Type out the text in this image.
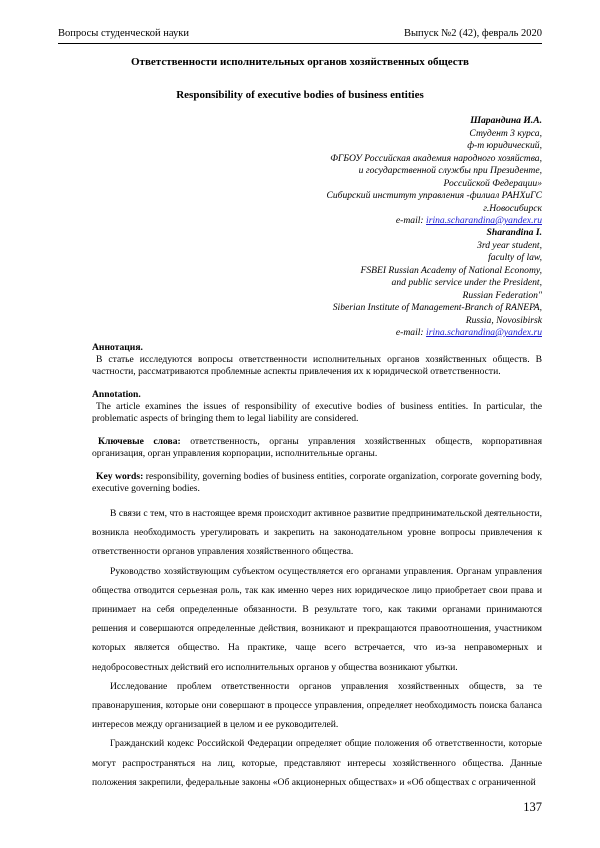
Вопросы студенческой науки	Выпуск №2 (42), февраль 2020
Ответственности исполнительных органов хозяйственных обществ
Responsibility of executive bodies of business entities
Шарандина И.А.
Студент 3 курса,
ф-т юридический,
ФГБОУ Российская академия народного хозяйства,
и государственной службы при Президенте,
Российской Федерации»
Сибирский институт управления -филиал РАНХиГС
г.Новосибирск
e-mail: irina.scharandina@yandex.ru
Sharandina I.
3rd year student,
faculty of law,
FSBEI Russian Academy of National Economy,
and public service under the President,
Russian Federation"
Siberian Institute of Management-Branch of RANEPA,
Russia, Novosibirsk
e-mail: irina.scharandina@yandex.ru
Аннотация.
В статье исследуются вопросы ответственности исполнительных органов хозяйственных обществ. В частности, рассматриваются проблемные аспекты привлечения их к юридической ответственности.
Annotation.
The article examines the issues of responsibility of executive bodies of business entities. In particular, the problematic aspects of bringing them to legal liability are considered.
Ключевые слова: ответственность, органы управления хозяйственных обществ, корпоративная организация, орган управления корпорации, исполнительные органы.
Key words: responsibility, governing bodies of business entities, corporate organization, corporate governing body, executive governing bodies.

В связи с тем, что в настоящее время происходит активное развитие предпринимательской деятельности, возникла необходимость урегулировать и закрепить на законодательном уровне вопросы привлечения к ответственности органов управления хозяйственного общества.

Руководство хозяйствующим субъектом осуществляется его органами управления. Органам управления общества отводится серьезная роль, так как именно через них юридическое лицо приобретает свои права и принимает на себя определенные обязанности. В результате того, как такими органами принимаются решения и совершаются определенные действия, возникают и прекращаются правоотношения, участником которых является общество. На практике, чаще всего встречается, что из-за неправомерных и недобросовестных действий его исполнительных органов у общества возникают убытки.

Исследование проблем ответственности органов управления хозяйственных обществ, за те правонарушения, которые они совершают в процессе управления, определяет необходимость поиска баланса интересов между организацией в целом и ее руководителей.

Гражданский кодекс Российской Федерации определяет общие положения об ответственности, которые могут распространяться на лиц, которые, представляют интересы хозяйственного общества. Данные положения закрепили, федеральные законы «Об акционерных обществах» и «Об обществах с ограниченной

137
